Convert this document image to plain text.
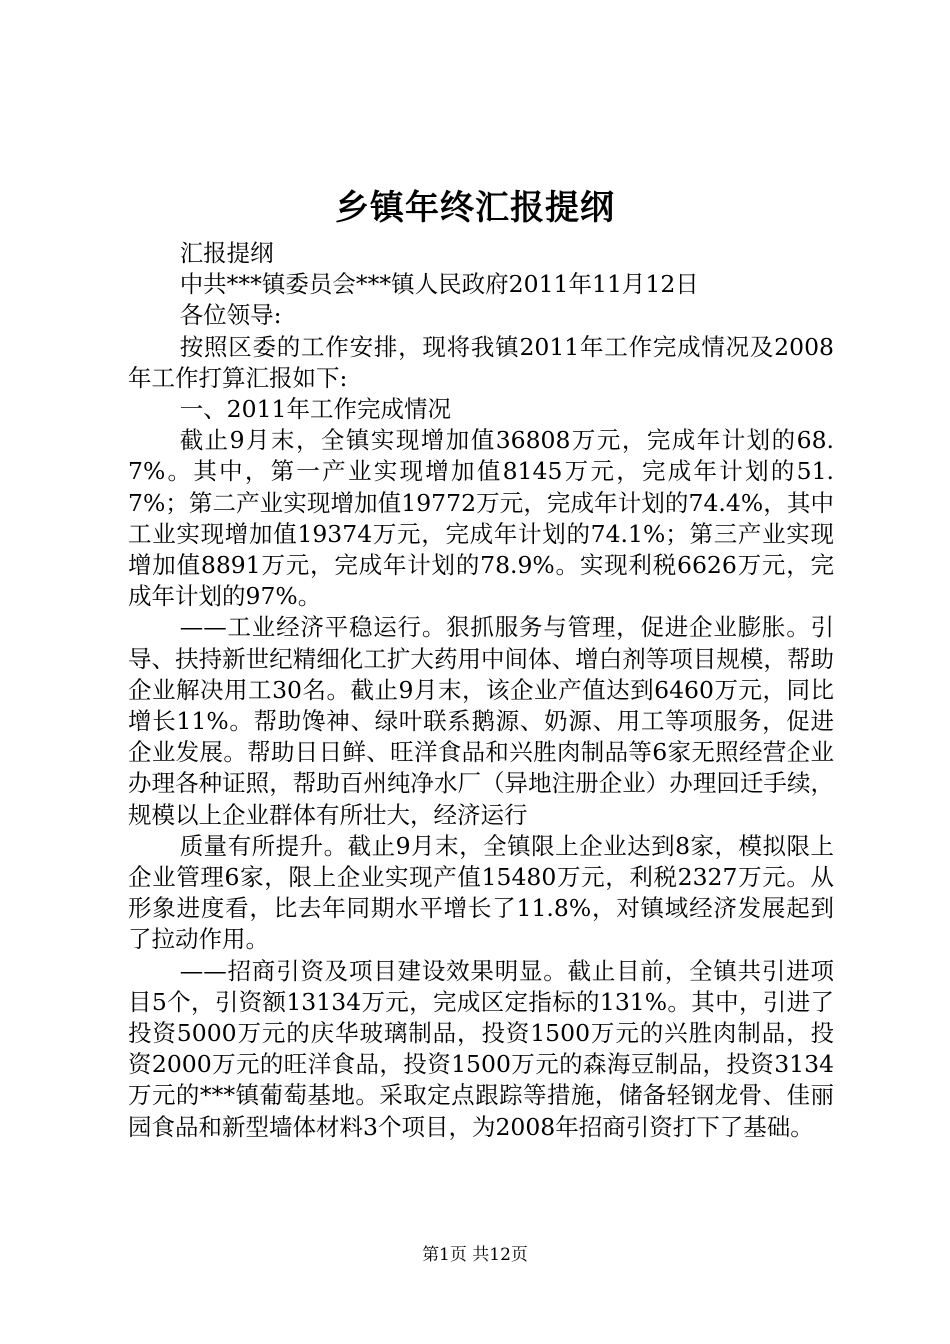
乡镇年终汇报提纲

汇报提纲

中共***镇委员会***镇人民政府2011年11月12日

各位领导:

按照区委的工作安排，现将我镇2011年工作完成情况及2008年工作打算汇报如下:

一、2011年工作完成情况

截止9月末，全镇实现增加值36808万元，完成年计划的68.7%。其中，第一产业实现增加值8145万元，完成年计划的51.7%；第二产业实现增加值19772万元，完成年计划的74.4%，其中工业实现增加值19374万元，完成年计划的74.1%；第三产业实现增加值8891万元，完成年计划的78.9%。实现利税6626万元，完成年计划的97%。

——工业经济平稳运行。狠抓服务与管理，促进企业膨胀。引导、扶持新世纪精细化工扩大药用中间体、增白剂等项目规模，帮助企业解决用工30名。截止9月末，该企业产值达到6460万元，同比增长11%。帮助馋神、绿叶联系鹅源、奶源、用工等项服务，促进企业发展。帮助日日鲜、旺洋食品和兴胜肉制品等6家无照经营企业办理各种证照，帮助百州纯净水厂（异地注册企业）办理回迁手续，规模以上企业群体有所壮大，经济运行

质量有所提升。截止9月末，全镇限上企业达到8家，模拟限上企业管理6家，限上企业实现产值15480万元，利税2327万元。从形象进度看，比去年同期水平增长了11.8%，对镇域经济发展起到了拉动作用。

——招商引资及项目建设效果明显。截止目前，全镇共引进项目5个，引资额13134万元，完成区定指标的131%。其中，引进了投资5000万元的庆华玻璃制品，投资1500万元的兴胜肉制品，投资2000万元的旺洋食品，投资1500万元的森海豆制品，投资3134万元的***镇葡萄基地。采取定点跟踪等措施，储备轻钢龙骨、佳丽园食品和新型墙体材料3个项目，为2008年招商引资打下了基础。

第1页 共12页
